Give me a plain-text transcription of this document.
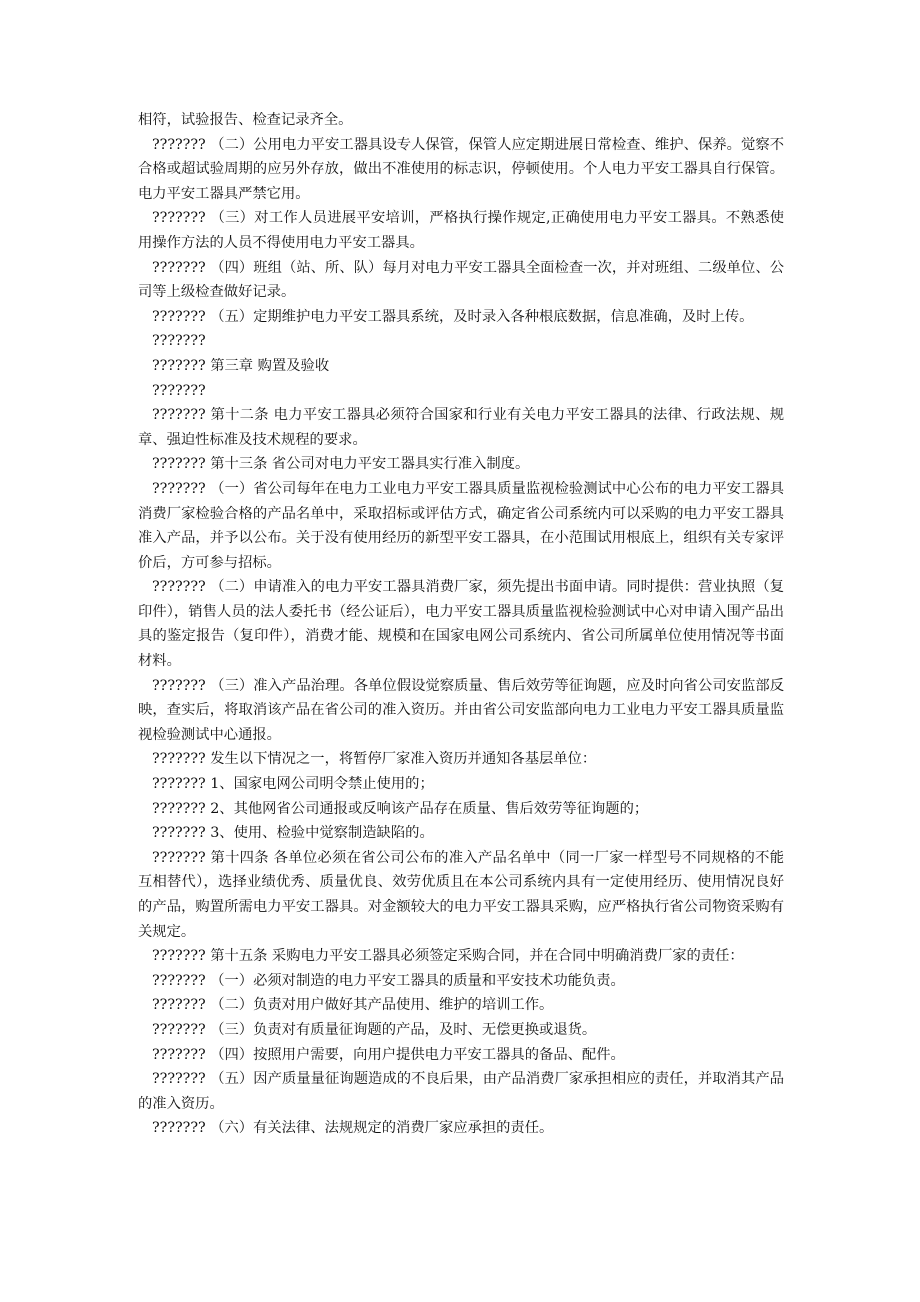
相符，试验报告、检查记录齐全。

??????? （二）公用电力平安工器具设专人保管，保管人应定期进展日常检查、维护、保养。觉察不合格或超试验周期的应另外存放，做出不准使用的标志识，停顿使用。个人电力平安工器具自行保管。电力平安工器具严禁它用。

??????? （三）对工作人员进展平安培训，严格执行操作规定,正确使用电力平安工器具。不熟悉使用操作方法的人员不得使用电力平安工器具。

??????? （四）班组（站、所、队）每月对电力平安工器具全面检查一次，并对班组、二级单位、公司等上级检查做好记录。

??????? （五）定期维护电力平安工器具系统，及时录入各种根底数据，信息准确，及时上传。

???????

??????? 第三章 购置及验收

???????

??????? 第十二条 电力平安工器具必须符合国家和行业有关电力平安工器具的法律、行政法规、规章、强迫性标准及技术规程的要求。

??????? 第十三条 省公司对电力平安工器具实行准入制度。

??????? （一）省公司每年在电力工业电力平安工器具质量监视检验测试中心公布的电力平安工器具消费厂家检验合格的产品名单中，采取招标或评估方式，确定省公司系统内可以采购的电力平安工器具准入产品，并予以公布。关于没有使用经历的新型平安工器具，在小范围试用根底上，组织有关专家评价后，方可参与招标。

??????? （二）申请准入的电力平安工器具消费厂家，须先提出书面申请。同时提供：营业执照（复印件），销售人员的法人委托书（经公证后），电力平安工器具质量监视检验测试中心对申请入围产品出具的鉴定报告（复印件），消费才能、规模和在国家电网公司系统内、省公司所属单位使用情况等书面材料。

??????? （三）准入产品治理。各单位假设觉察质量、售后效劳等征询题，应及时向省公司安监部反映，查实后，将取消该产品在省公司的准入资历。并由省公司安监部向电力工业电力平安工器具质量监视检验测试中心通报。

??????? 发生以下情况之一，将暂停厂家准入资历并通知各基层单位：

??????? 1、国家电网公司明令禁止使用的；

??????? 2、其他网省公司通报或反响该产品存在质量、售后效劳等征询题的；

??????? 3、使用、检验中觉察制造缺陷的。

??????? 第十四条 各单位必须在省公司公布的准入产品名单中（同一厂家一样型号不同规格的不能互相替代），选择业绩优秀、质量优良、效劳优质且在本公司系统内具有一定使用经历、使用情况良好的产品，购置所需电力平安工器具。对金额较大的电力平安工器具采购，应严格执行省公司物资采购有关规定。

??????? 第十五条 采购电力平安工器具必须签定采购合同，并在合同中明确消费厂家的责任：

??????? （一）必须对制造的电力平安工器具的质量和平安技术功能负责。

??????? （二）负责对用户做好其产品使用、维护的培训工作。

??????? （三）负责对有质量征询题的产品，及时、无偿更换或退货。

??????? （四）按照用户需要，向用户提供电力平安工器具的备品、配件。

??????? （五）因产质量量征询题造成的不良后果，由产品消费厂家承担相应的责任，并取消其产品的准入资历。

??????? （六）有关法律、法规规定的消费厂家应承担的责任。
